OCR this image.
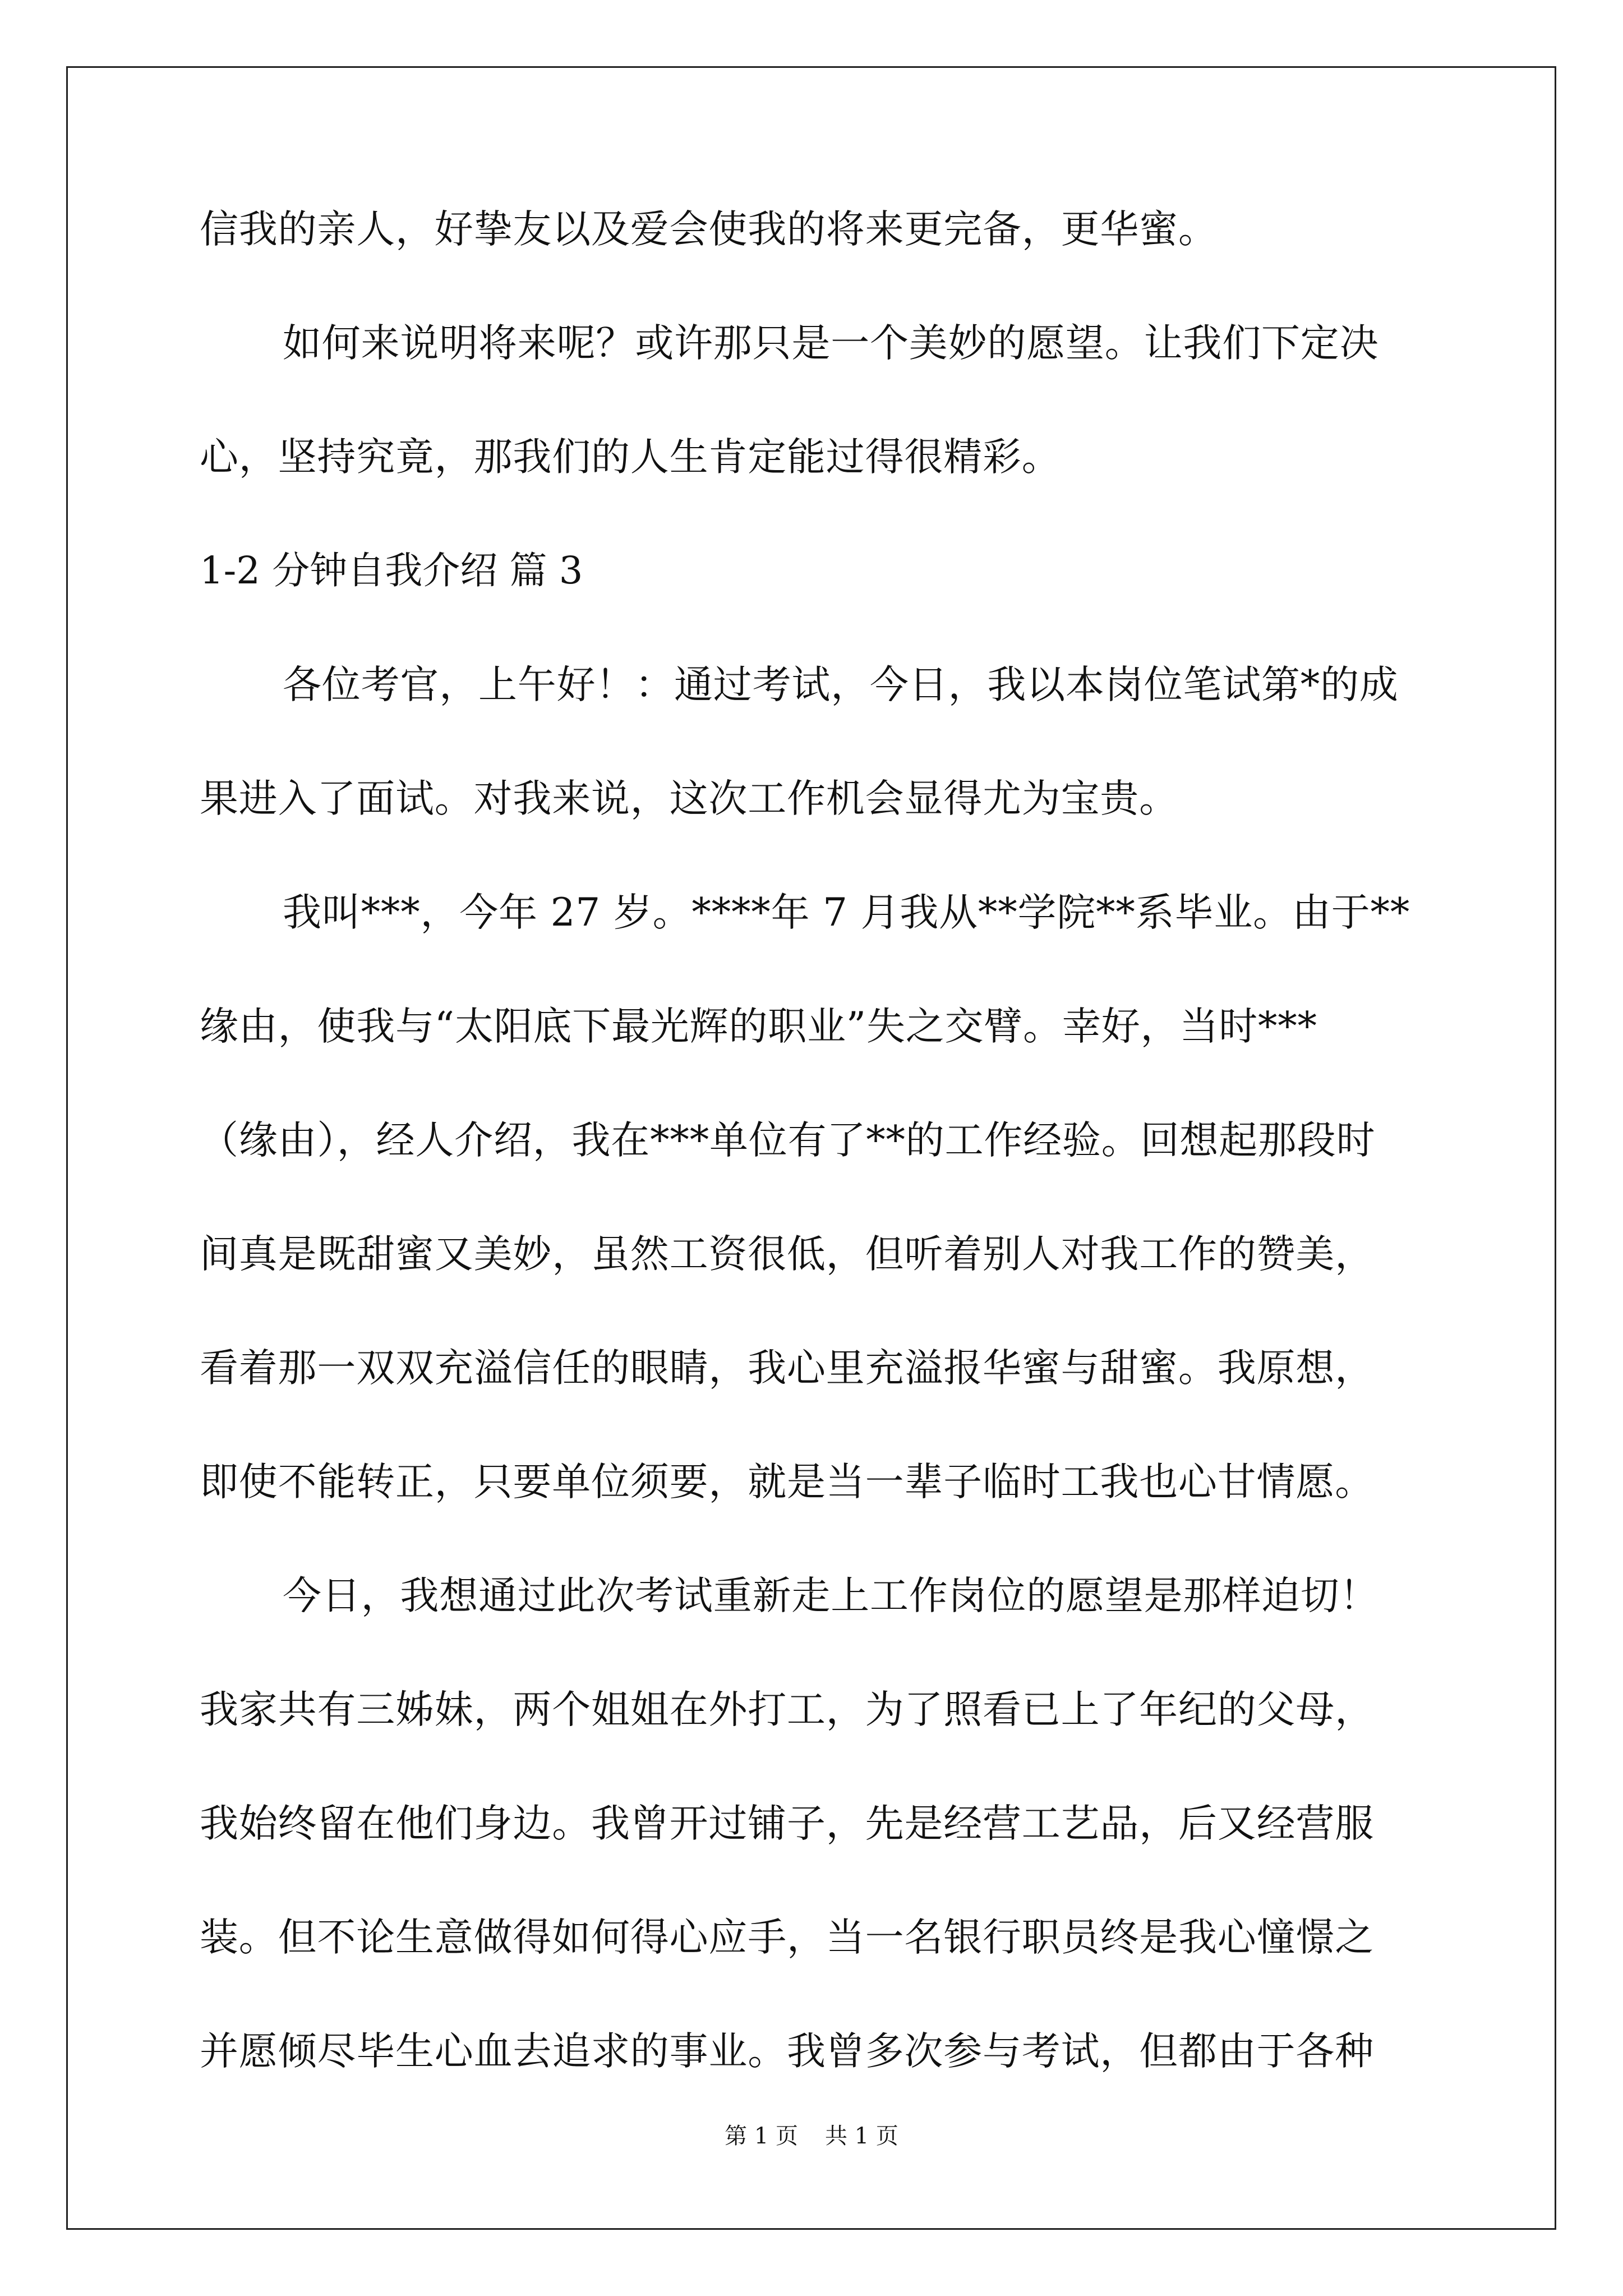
信我的亲人，好挚友以及爱会使我的将来更完备，更华蜜。
如何来说明将来呢？或许那只是一个美妙的愿望。让我们下定决
心，坚持究竟，那我们的人生肯定能过得很精彩。
1-2 分钟自我介绍 篇 3
各位考官，上午好！：通过考试，今日，我以本岗位笔试第*的成
果进入了面试。对我来说，这次工作机会显得尤为宝贵。
我叫***，今年 27 岁。****年 7 月我从**学院**系毕业。由于**
缘由，使我与“太阳底下最光辉的职业”失之交臂。幸好，当时***
（缘由），经人介绍，我在***单位有了**的工作经验。回想起那段时
间真是既甜蜜又美妙，虽然工资很低，但听着别人对我工作的赞美，
看着那一双双充溢信任的眼睛，我心里充溢报华蜜与甜蜜。我原想，
即使不能转正，只要单位须要，就是当一辈子临时工我也心甘情愿。
今日，我想通过此次考试重新走上工作岗位的愿望是那样迫切！
我家共有三姊妹，两个姐姐在外打工，为了照看已上了年纪的父母，
我始终留在他们身边。我曾开过铺子，先是经营工艺品，后又经营服
装。但不论生意做得如何得心应手，当一名银行职员终是我心憧憬之
并愿倾尽毕生心血去追求的事业。我曾多次参与考试，但都由于各种
第 1 页 共 1 页
